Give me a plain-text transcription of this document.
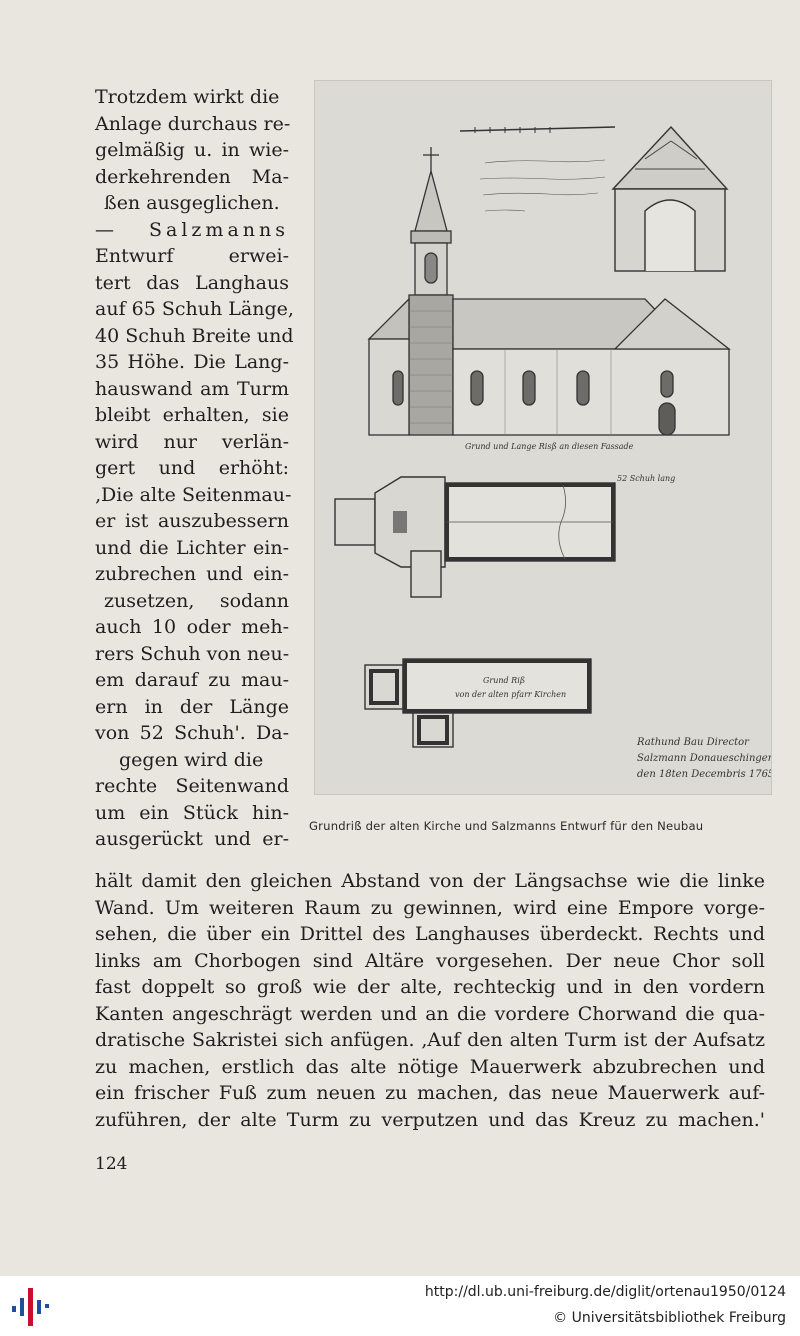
Trotzdem wirkt die
Anlage durchaus re-
gelmäßig u. in wie-
derkehrenden Ma-
ßen ausgeglichen.
— Salzmanns
Entwurf erwei-
tert das Langhaus
auf 65 Schuh Länge,
40 Schuh Breite und
35 Höhe. Die Lang-
hauswand am Turm
bleibt erhalten, sie
wird nur verlän-
gert und erhöht:
‚Die alte Seitenmau-
er ist auszubessern
und die Lichter ein-
zubrechen und ein-
zusetzen, sodann
auch 10 oder meh-
rers Schuh von neu-
em darauf zu mau-
ern in der Länge
von 52 Schuh'. Da-
gegen wird die
rechte Seitenwand
um ein Stück hin-
ausgerückt und er-
Grund und Lange Risß an diesen Fassade
52 Schuh lang
Grund Riß
von der alten pfarr Kirchen
Rathund Bau Director
Salzmann Donaueschingen
den 18ten Decembris 1765.
Grundriß der alten Kirche und Salzmanns Entwurf für den Neubau
hält damit den gleichen Abstand von der Längsachse wie die linke
Wand. Um weiteren Raum zu gewinnen, wird eine Empore vorge-
sehen, die über ein Drittel des Langhauses überdeckt. Rechts und
links am Chorbogen sind Altäre vorgesehen. Der neue Chor soll
fast doppelt so groß wie der alte, rechteckig und in den vordern
Kanten angeschrägt werden und an die vordere Chorwand die qua-
dratische Sakristei sich anfügen. ‚Auf den alten Turm ist der Aufsatz
zu machen, erstlich das alte nötige Mauerwerk abzubrechen und
ein frischer Fuß zum neuen zu machen, das neue Mauerwerk auf-
zuführen, der alte Turm zu verputzen und das Kreuz zu machen.'
124
http://dl.ub.uni-freiburg.de/diglit/ortenau1950/0124
© Universitätsbibliothek Freiburg
